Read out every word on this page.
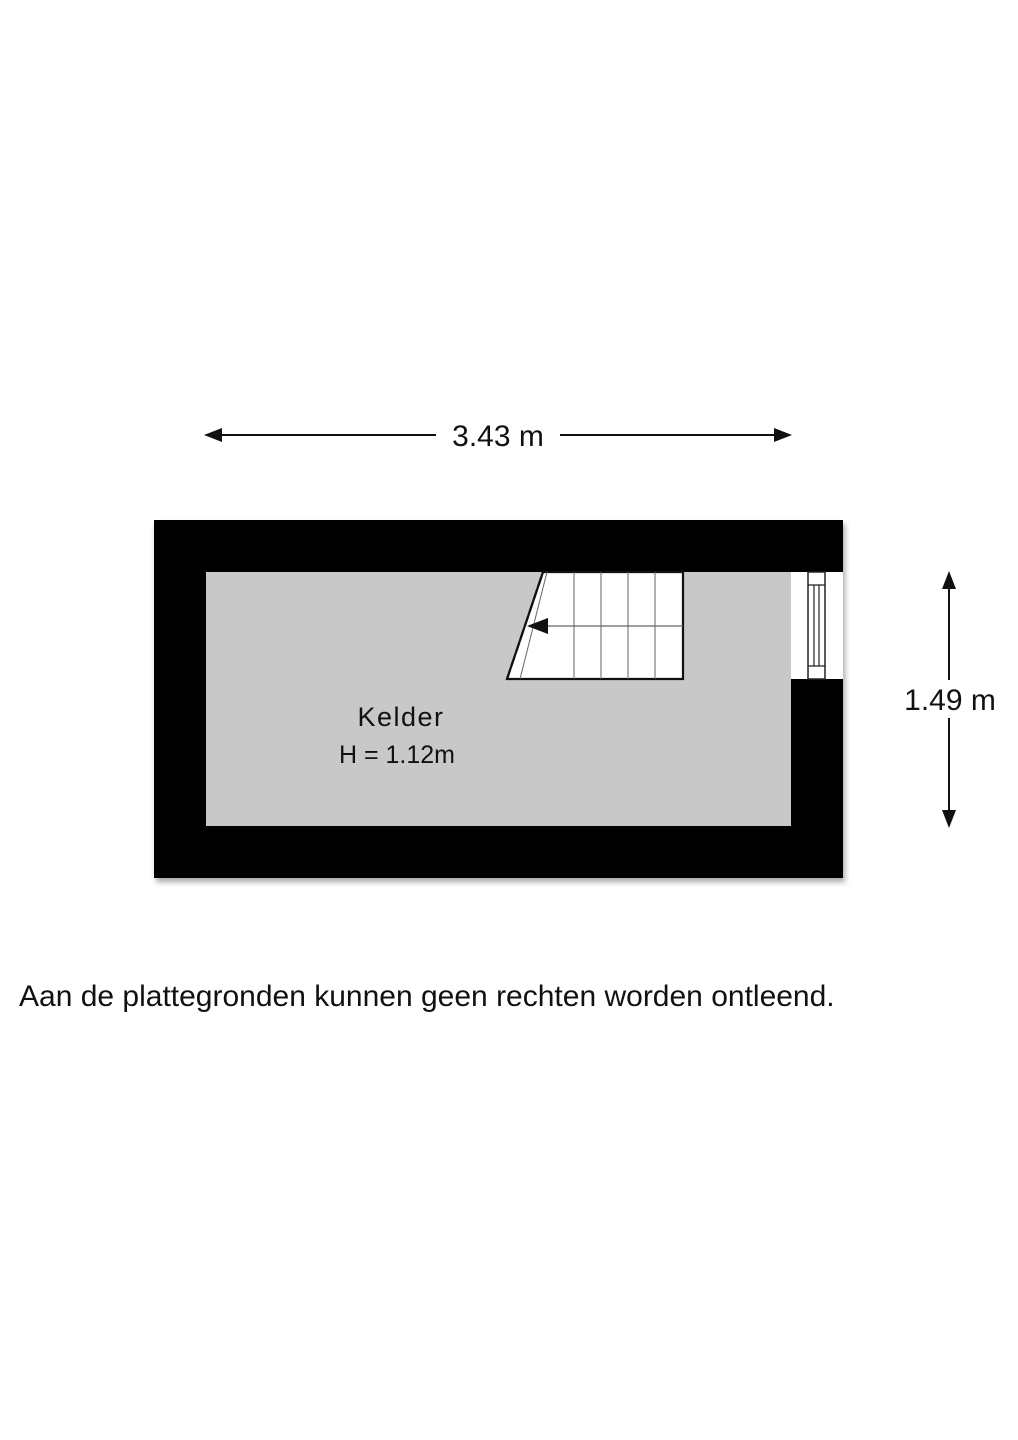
3.43 m
1.49 m
Kelder
H = 1.12m

Aan de plattegronden kunnen geen rechten worden ontleend.
